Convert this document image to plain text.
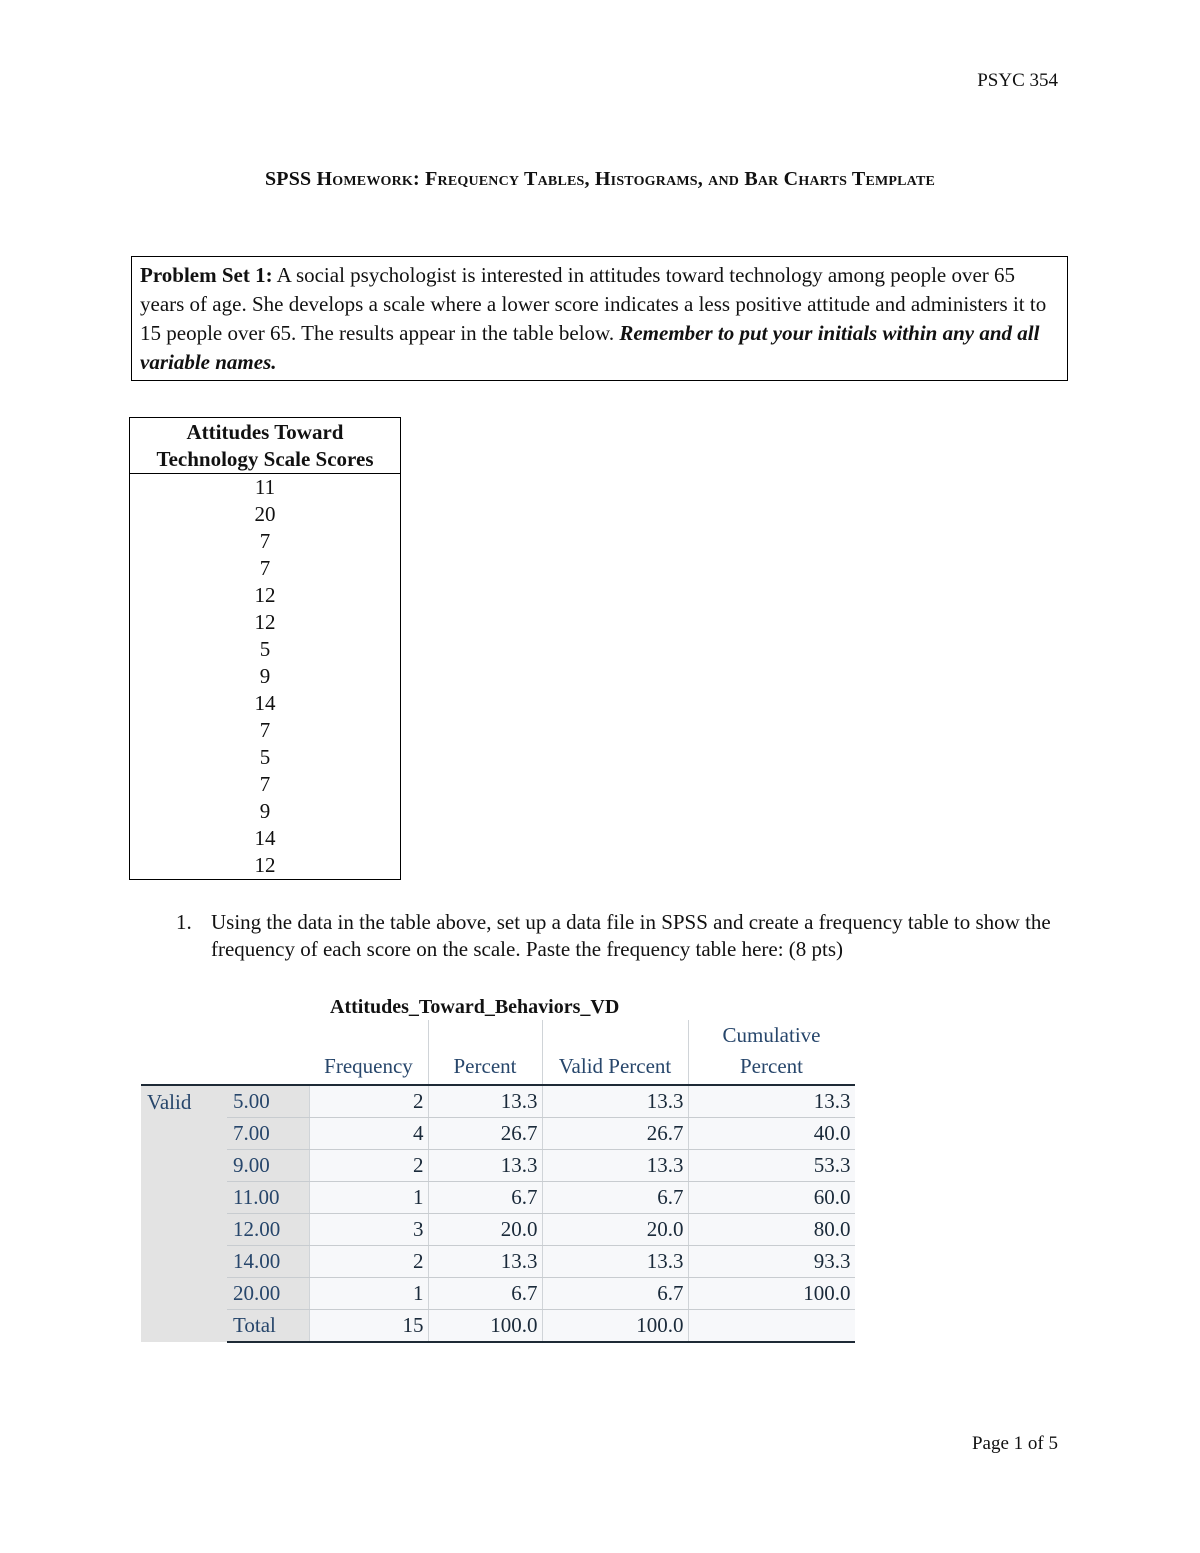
PSYC 354
SPSS Homework: Frequency Tables, Histograms, and Bar Charts Template
Problem Set 1: A social psychologist is interested in attitudes toward technology among people over 65 years of age. She develops a scale where a lower score indicates a less positive attitude and administers it to 15 people over 65. The results appear in the table below. Remember to put your initials within any and all variable names.
Attitudes Toward
Technology Scale Scores

11
20
7
7
12
12
5
9
14
7
5
7
9
14
12
1. Using the data in the table above, set up a data file in SPSS and create a frequency table to show the frequency of each score on the scale. Paste the frequency table here: (8 pts)
Attitudes_Toward_Behaviors_VD
		Frequency	Percent	Valid Percent	Cumulative
Percent

Valid	5.00	2	13.3	13.3	13.3
	7.00	4	26.7	26.7	40.0
	9.00	2	13.3	13.3	53.3
	11.00	1	6.7	6.7	60.0
	12.00	3	20.0	20.0	80.0
	14.00	2	13.3	13.3	93.3
	20.00	1	6.7	6.7	100.0
	Total	15	100.0	100.0	
Page 1 of 5
